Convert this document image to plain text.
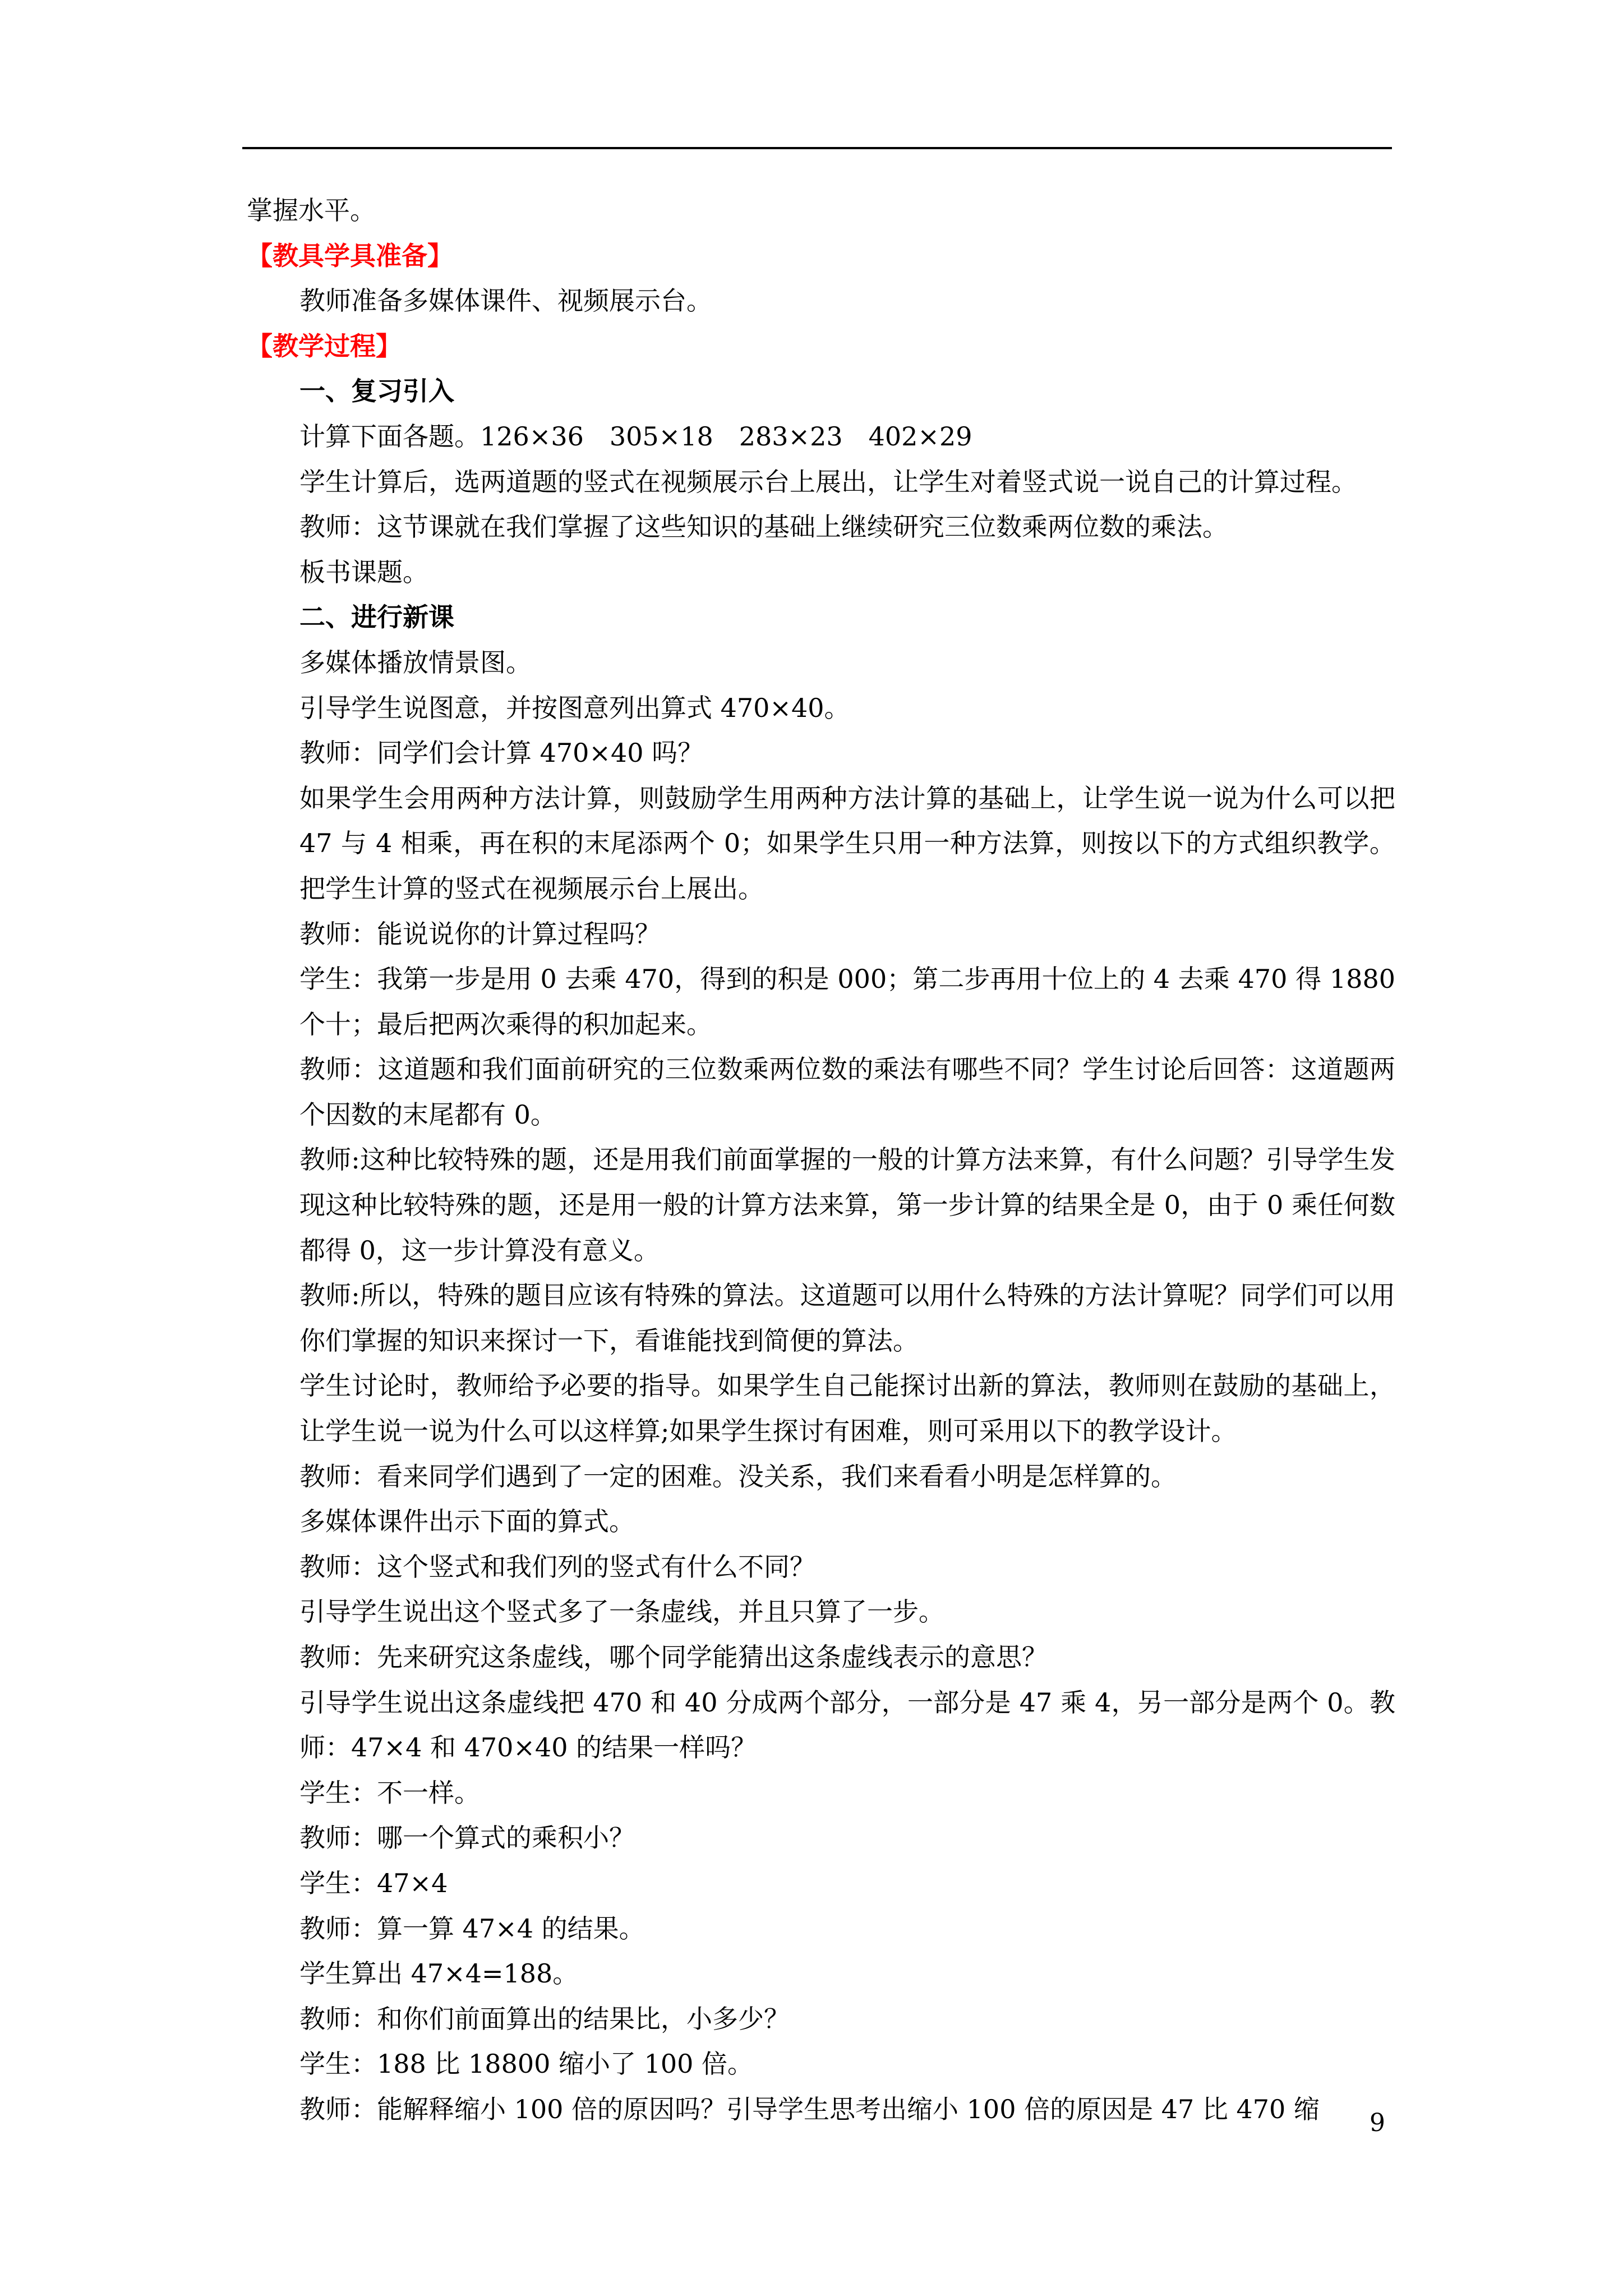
掌握水平。

【教具学具准备】

教师准备多媒体课件、视频展示台。

【教学过程】

一、复习引入

计算下面各题。126×36　305×18　283×23　402×29

学生计算后，选两道题的竖式在视频展示台上展出，让学生对着竖式说一说自己的计算过程。

教师：这节课就在我们掌握了这些知识的基础上继续研究三位数乘两位数的乘法。

板书课题。

二、进行新课

多媒体播放情景图。

引导学生说图意，并按图意列出算式 470×40。

教师：同学们会计算 470×40 吗？

如果学生会用两种方法计算，则鼓励学生用两种方法计算的基础上，让学生说一说为什么可以把 47 与 4 相乘，再在积的末尾添两个 0；如果学生只用一种方法算，则按以下的方式组织教学。把学生计算的竖式在视频展示台上展出。

教师：能说说你的计算过程吗？

学生：我第一步是用 0 去乘 470，得到的积是 000；第二步再用十位上的 4 去乘 470 得 1880 个十；最后把两次乘得的积加起来。

教师：这道题和我们面前研究的三位数乘两位数的乘法有哪些不同？学生讨论后回答：这道题两个因数的末尾都有 0。

教师:这种比较特殊的题，还是用我们前面掌握的一般的计算方法来算，有什么问题？引导学生发现这种比较特殊的题，还是用一般的计算方法来算，第一步计算的结果全是 0，由于 0 乘任何数都得 0，这一步计算没有意义。

教师:所以，特殊的题目应该有特殊的算法。这道题可以用什么特殊的方法计算呢？同学们可以用你们掌握的知识来探讨一下，看谁能找到简便的算法。

学生讨论时，教师给予必要的指导。如果学生自己能探讨出新的算法，教师则在鼓励的基础上，让学生说一说为什么可以这样算;如果学生探讨有困难，则可采用以下的教学设计。

教师：看来同学们遇到了一定的困难。没关系，我们来看看小明是怎样算的。

多媒体课件出示下面的算式。

教师：这个竖式和我们列的竖式有什么不同？

引导学生说出这个竖式多了一条虚线，并且只算了一步。

教师：先来研究这条虚线，哪个同学能猜出这条虚线表示的意思？

引导学生说出这条虚线把 470 和 40 分成两个部分，一部分是 47 乘 4，另一部分是两个 0。教师：47×4 和 470×40 的结果一样吗？

学生：不一样。

教师：哪一个算式的乘积小？

学生：47×4

教师：算一算 47×4 的结果。

学生算出 47×4=188。

教师：和你们前面算出的结果比，小多少？

学生：188 比 18800 缩小了 100 倍。

教师：能解释缩小 100 倍的原因吗？引导学生思考出缩小 100 倍的原因是 47 比 470 缩	9
